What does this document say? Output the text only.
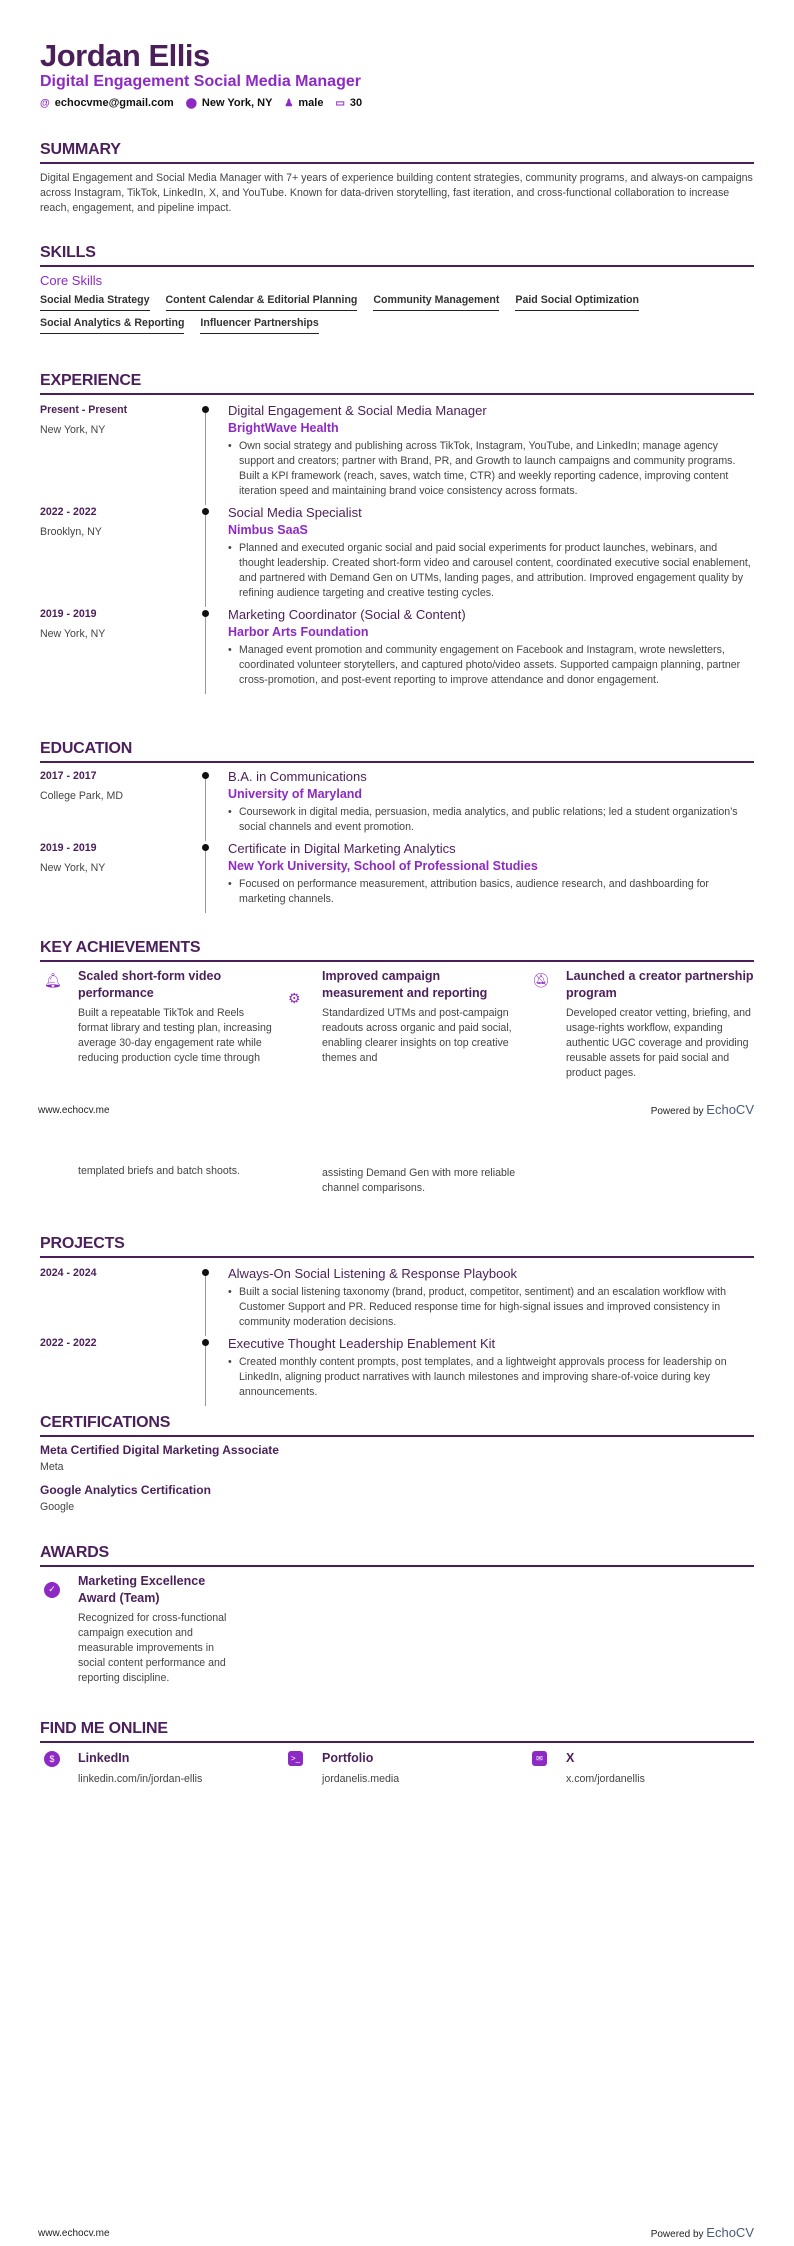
Jordan Ellis
Digital Engagement Social Media Manager
@ echocvme@gmail.com ⬤ New York, NY ♟ male ▭ 30
SUMMARY

Digital Engagement and Social Media Manager with 7+ years of experience building content strategies, community programs, and always-on campaigns across Instagram, TikTok, LinkedIn, X, and YouTube. Known for data-driven storytelling, fast iteration, and cross-functional collaboration to increase reach, engagement, and pipeline impact.

SKILLS
Core Skills
Social Media Strategy Content Calendar & Editorial Planning Community Management Paid Social Optimization
Social Analytics & Reporting Influencer Partnerships
EXPERIENCE
Present - Present
New York, NY
Digital Engagement & Social Media Manager
BrightWave Health
• Own social strategy and publishing across TikTok, Instagram, YouTube, and LinkedIn; manage agency support and creators; partner with Brand, PR, and Growth to launch campaigns and community programs. Built a KPI framework (reach, saves, watch time, CTR) and weekly reporting cadence, improving content iteration speed and maintaining brand voice consistency across formats.
2022 - 2022
Brooklyn, NY
Social Media Specialist
Nimbus SaaS
• Planned and executed organic social and paid social experiments for product launches, webinars, and thought leadership. Created short-form video and carousel content, coordinated executive social enablement, and partnered with Demand Gen on UTMs, landing pages, and attribution. Improved engagement quality by refining audience targeting and creative testing cycles.
2019 - 2019
New York, NY
Marketing Coordinator (Social & Content)
Harbor Arts Foundation
• Managed event promotion and community engagement on Facebook and Instagram, wrote newsletters, coordinated volunteer storytellers, and captured photo/video assets. Supported campaign planning, partner cross-promotion, and post-event reporting to improve attendance and donor engagement.
EDUCATION
2017 - 2017
College Park, MD
B.A. in Communications
University of Maryland
• Coursework in digital media, persuasion, media analytics, and public relations; led a student organization’s social channels and event promotion.
2019 - 2019
New York, NY
Certificate in Digital Marketing Analytics
New York University, School of Professional Studies
• Focused on performance measurement, attribution basics, audience research, and dashboarding for marketing channels.
KEY ACHIEVEMENTS
🔔︎ Scaled short-form video performance

Built a repeatable TikTok and Reels format library and testing plan, increasing average 30-day engagement rate while reducing production cycle time through

⚙
Improved campaign measurement and reporting

Standardized UTMs and post-campaign readouts across organic and paid social, enabling clearer insights on top creative themes and

🔕︎ Launched a creator partnership program

Developed creator vetting, briefing, and usage-rights workflow, expanding authentic UGC coverage and providing reusable assets for paid social and product pages.

www.echocv.me	Powered by EchoCV

templated briefs and batch shoots.	assisting Demand Gen with more reliable channel comparisons.

PROJECTS
2024 - 2024	Always-On Social Listening & Response Playbook
• Built a social listening taxonomy (brand, product, competitor, sentiment) and an escalation workflow with Customer Support and PR. Reduced response time for high-signal issues and improved consistency in community moderation decisions.
2022 - 2022	Executive Thought Leadership Enablement Kit
• Created monthly content prompts, post templates, and a lightweight approvals process for leadership on LinkedIn, aligning product narratives with launch milestones and improving share-of-voice during key announcements.
CERTIFICATIONS
Meta Certified Digital Marketing Associate
Meta
Google Analytics Certification
Google
AWARDS
✓
Marketing Excellence Award (Team)

Recognized for cross-functional campaign execution and measurable improvements in social content performance and reporting discipline.

FIND ME ONLINE
$	LinkedIn

linkedin.com/in/jordan-ellis

>_ Portfolio

jordanelis.media

✉	X

x.com/jordanellis

www.echocv.me	Powered by EchoCV
